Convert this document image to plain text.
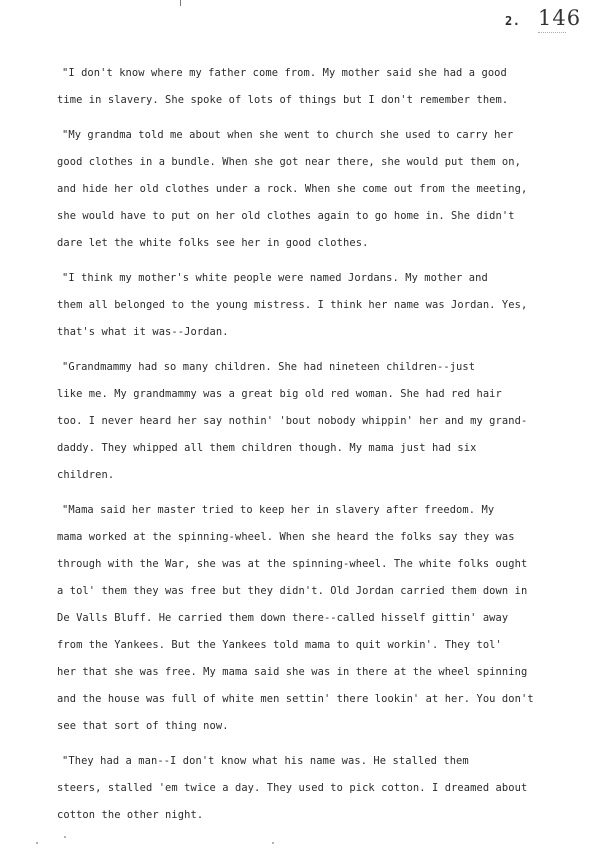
2. 146
"I don't know where my father come from. My mother said she had a good
time in slavery. She spoke of lots of things but I don't remember them.
"My grandma told me about when she went to church she used to carry her
good clothes in a bundle. When she got near there, she would put them on,
and hide her old clothes under a rock. When she come out from the meeting,
she would have to put on her old clothes again to go home in. She didn't
dare let the white folks see her in good clothes.
"I think my mother's white people were named Jordans. My mother and
them all belonged to the young mistress. I think her name was Jordan. Yes,
that's what it was--Jordan.
"Grandmammy had so many children. She had nineteen children--just
like me. My grandmammy was a great big old red woman. She had red hair
too. I never heard her say nothin' 'bout nobody whippin' her and my grand-
daddy. They whipped all them children though. My mama just had six
children.
"Mama said her master tried to keep her in slavery after freedom. My
mama worked at the spinning-wheel. When she heard the folks say they was
through with the War, she was at the spinning-wheel. The white folks ought
a tol' them they was free but they didn't. Old Jordan carried them down in
De Valls Bluff. He carried them down there--called hisself gittin' away
from the Yankees. But the Yankees told mama to quit workin'. They tol'
her that she was free. My mama said she was in there at the wheel spinning
and the house was full of white men settin' there lookin' at her. You don't
see that sort of thing now.
"They had a man--I don't know what his name was. He stalled them
steers, stalled 'em twice a day. They used to pick cotton. I dreamed about
cotton the other night.
